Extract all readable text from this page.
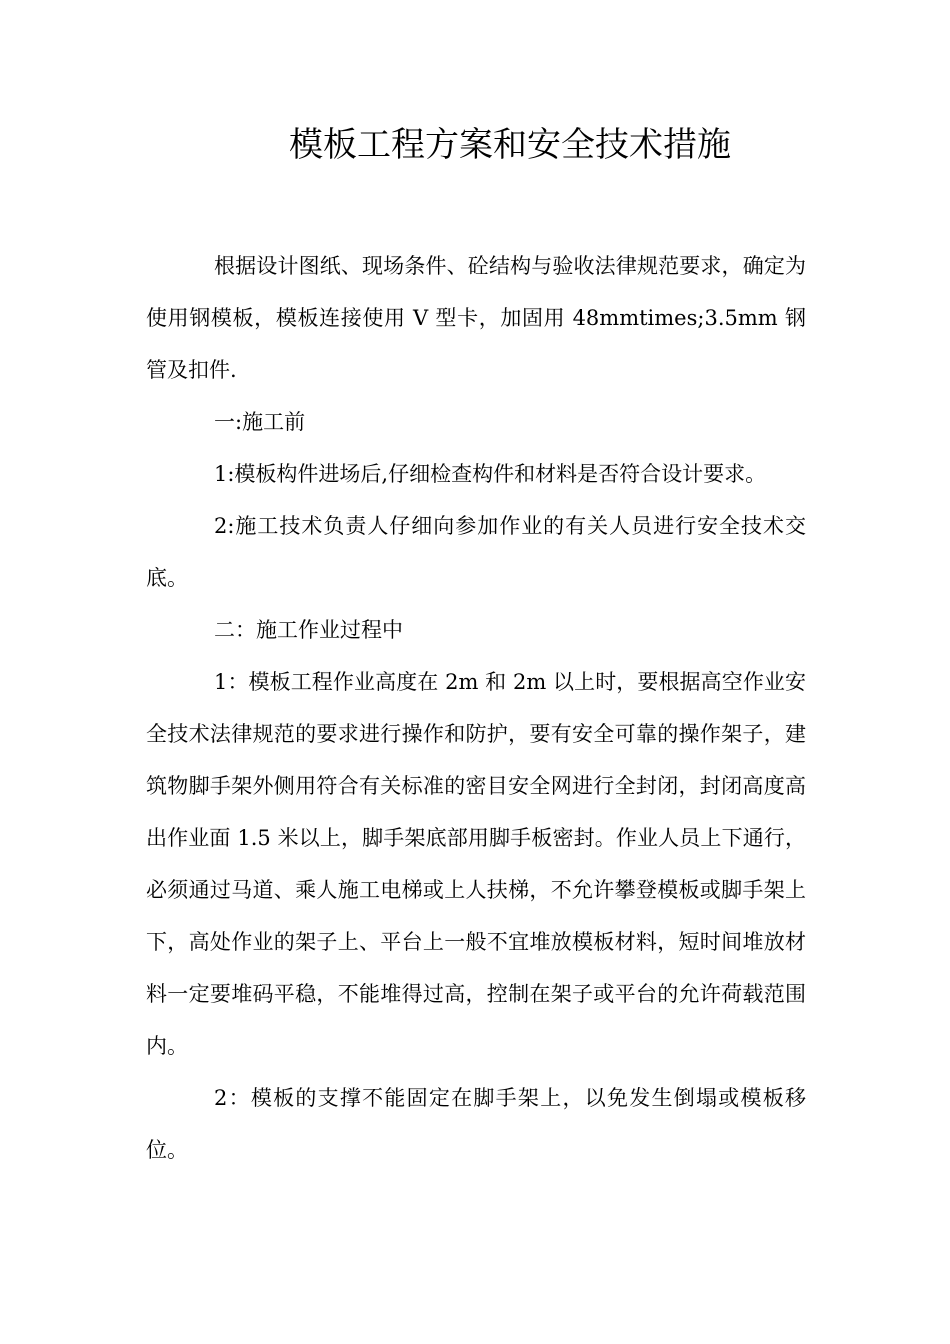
模板工程方案和安全技术措施

根据设计图纸、现场条件、砼结构与验收法律规范要求，确定为使用钢模板，模板连接使用 V 型卡，加固用 48mmtimes;3.5mm 钢管及扣件.

一:施工前

1:模板构件进场后,仔细检查构件和材料是否符合设计要求。

2:施工技术负责人仔细向参加作业的有关人员进行安全技术交底。

二：施工作业过程中

1：模板工程作业高度在 2m 和 2m 以上时，要根据高空作业安全技术法律规范的要求进行操作和防护，要有安全可靠的操作架子，建筑物脚手架外侧用符合有关标准的密目安全网进行全封闭，封闭高度高出作业面 1.5 米以上，脚手架底部用脚手板密封。作业人员上下通行，必须通过马道、乘人施工电梯或上人扶梯，不允许攀登模板或脚手架上下，高处作业的架子上、平台上一般不宜堆放模板材料，短时间堆放材料一定要堆码平稳，不能堆得过高，控制在架子或平台的允许荷载范围内。

2：模板的支撑不能固定在脚手架上，以免发生倒塌或模板移位。
